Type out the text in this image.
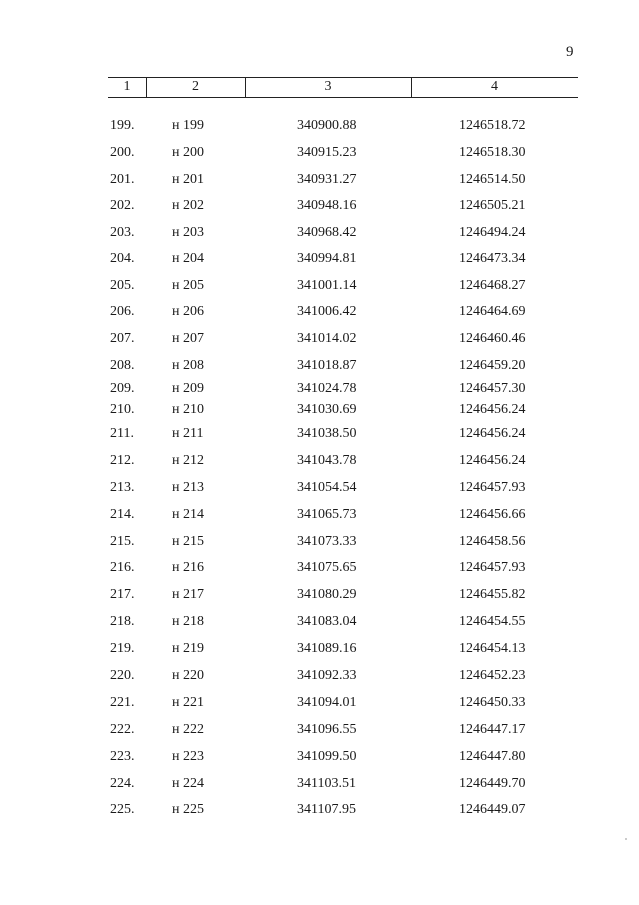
9
1	2	3	4
199.	н 199	340900.88	1246518.72
200.	н 200	340915.23	1246518.30
201.	н 201	340931.27	1246514.50
202.	н 202	340948.16	1246505.21
203.	н 203	340968.42	1246494.24
204.	н 204	340994.81	1246473.34
205.	н 205	341001.14	1246468.27
206.	н 206	341006.42	1246464.69
207.	н 207	341014.02	1246460.46
208.	н 208	341018.87	1246459.20
209.	н 209	341024.78	1246457.30
210.	н 210	341030.69	1246456.24
211.	н 211	341038.50	1246456.24
212.	н 212	341043.78	1246456.24
213.	н 213	341054.54	1246457.93
214.	н 214	341065.73	1246456.66
215.	н 215	341073.33	1246458.56
216.	н 216	341075.65	1246457.93
217.	н 217	341080.29	1246455.82
218.	н 218	341083.04	1246454.55
219.	н 219	341089.16	1246454.13
220.	н 220	341092.33	1246452.23
221.	н 221	341094.01	1246450.33
222.	н 222	341096.55	1246447.17
223.	н 223	341099.50	1246447.80
224.	н 224	341103.51	1246449.70
225.	н 225	341107.95	1246449.07
